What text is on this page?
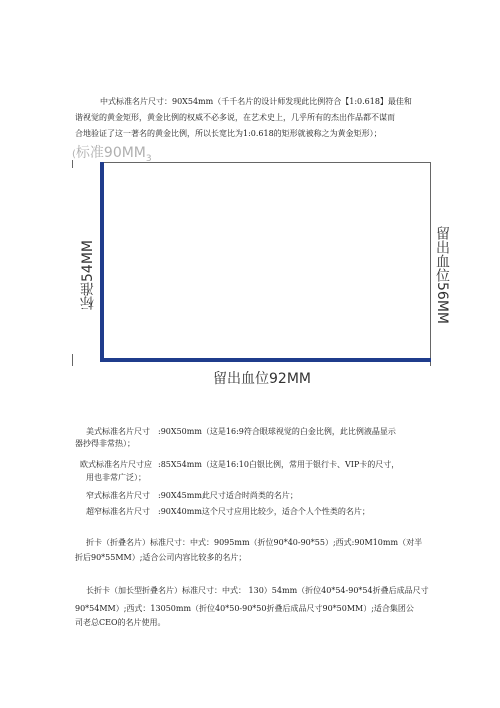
中式标准名片尺寸：90X54mm（千千名片的设计师发现此比例符合【1:0.618】最佳和
谐视觉的黄金矩形，黄金比例的权威不必多说，在艺术史上，几乎所有的杰出作品都不谋而
合地验证了这一著名的黄金比例，所以长宽比为1:0.618的矩形就被称之为黄金矩形）；
(标准$90MM_3$
标准54MM	留出血位56MM
留出血位92MM
美式标准名片尺寸 :90X50mm（这是16:9符合眼球视觉的白金比例，此比例液晶显示
器抄得非常热）；
欧式标准名片尺寸应 :85X54mm（这是16:10白银比例，常用于银行卡、VIP卡的尺寸，
用也非常广泛）；
窄式标准名片尺寸 :90X45mm此尺寸适合时尚类的名片；
超窄标准名片尺寸 :90X40mm这个尺寸应用比较少，适合个人个性类的名片；
折卡（折叠名片）标准尺寸：中式：9095mm（折位90*40-90*55）;西式:90M10mm（对半
折后90*55MM）;适合公司内容比较多的名片；
长折卡（加长型折叠名片）标准尺寸：中式： 130）54mm（折位40*54-90*54折叠后成品尺寸
90*54MM）;西式：13050mm（折位40*50-90*50折叠后成品尺寸90*50MM）;适合集团公
司老总CEO的名片使用。
